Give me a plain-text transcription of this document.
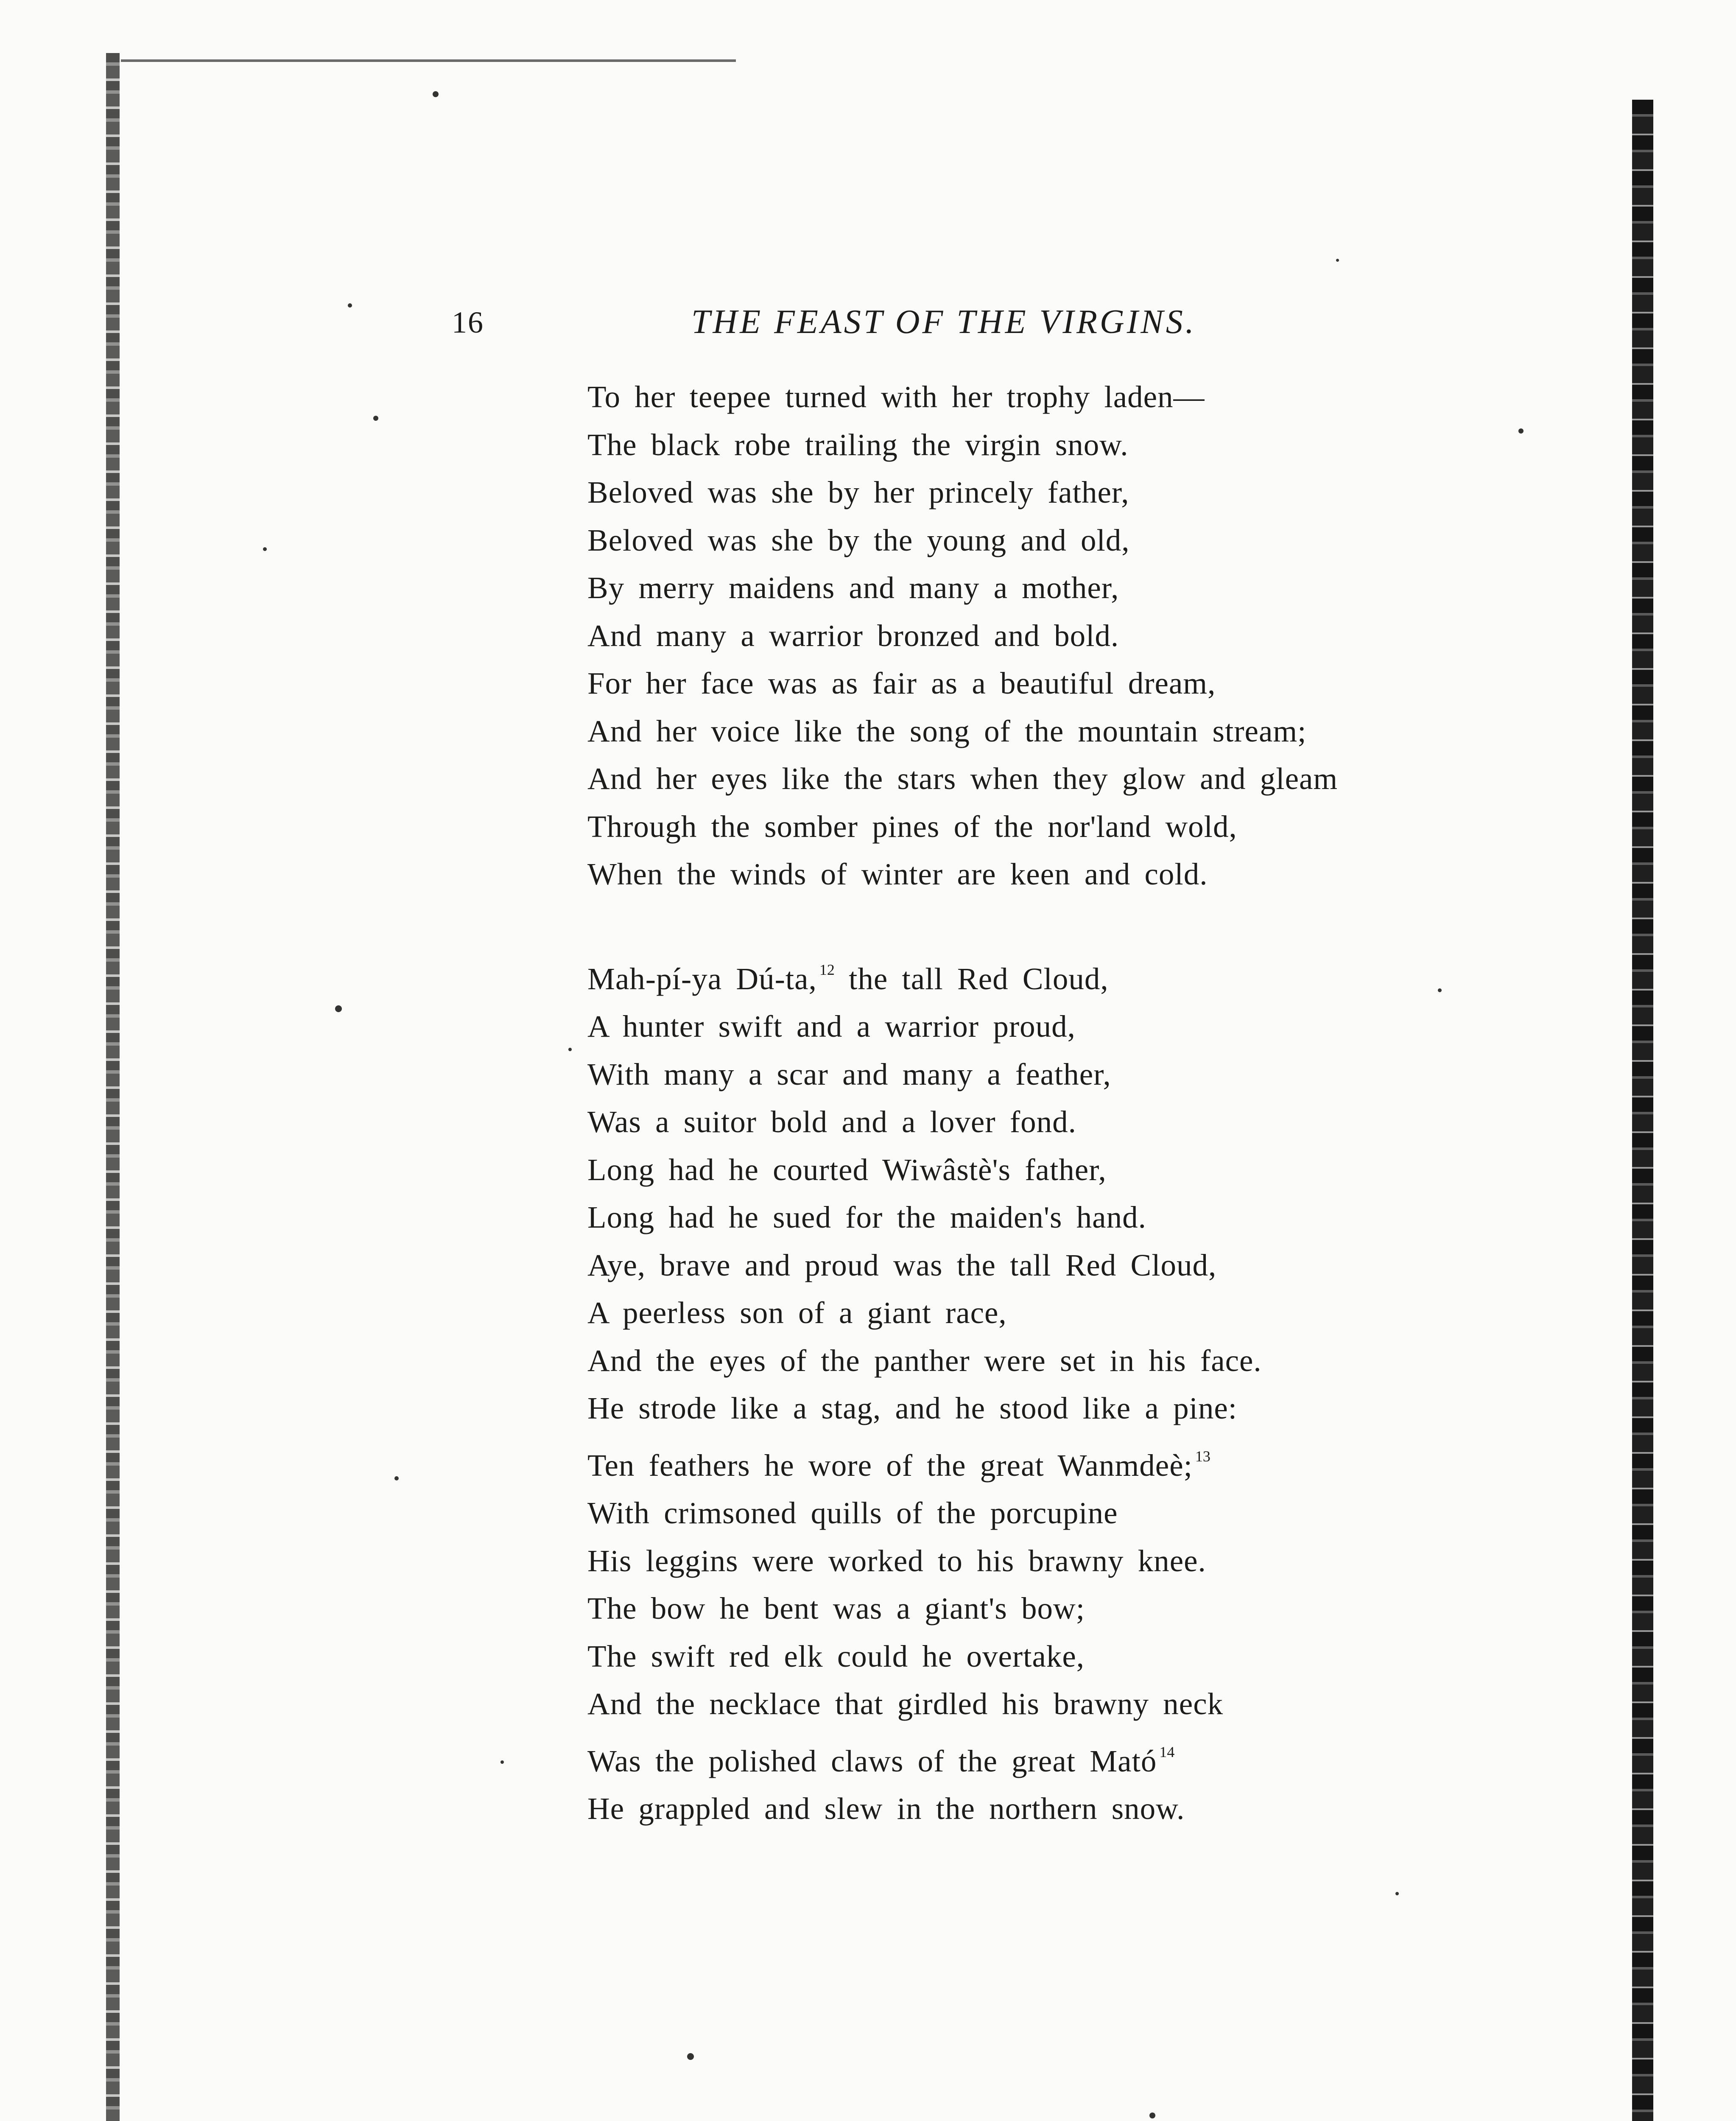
16	THE FEAST OF THE VIRGINS.
To her teepee turned with her trophy laden—
The black robe trailing the virgin snow.
Beloved was she by her princely father,
Beloved was she by the young and old,
By merry maidens and many a mother,
And many a warrior bronzed and bold.
For her face was as fair as a beautiful dream,
And her voice like the song of the mountain stream;
And her eyes like the stars when they glow and gleam
Through the somber pines of the nor'land wold,
When the winds of winter are keen and cold.
Mah-pí-ya Dú-ta, $^{12}$ the tall Red Cloud,
A hunter swift and a warrior proud,
With many a scar and many a feather,
Was a suitor bold and a lover fond.
Long had he courted Wiwâstè's father,
Long had he sued for the maiden's hand.
Aye, brave and proud was the tall Red Cloud,
A peerless son of a giant race,
And the eyes of the panther were set in his face.
He strode like a stag, and he stood like a pine:
Ten feathers he wore of the great Wanmdeè; $^{13}$
With crimsoned quills of the porcupine
His leggins were worked to his brawny knee.
The bow he bent was a giant's bow;
The swift red elk could he overtake,
And the necklace that girdled his brawny neck
Was the polished claws of the great Mató $^{14}$
He grappled and slew in the northern snow.
